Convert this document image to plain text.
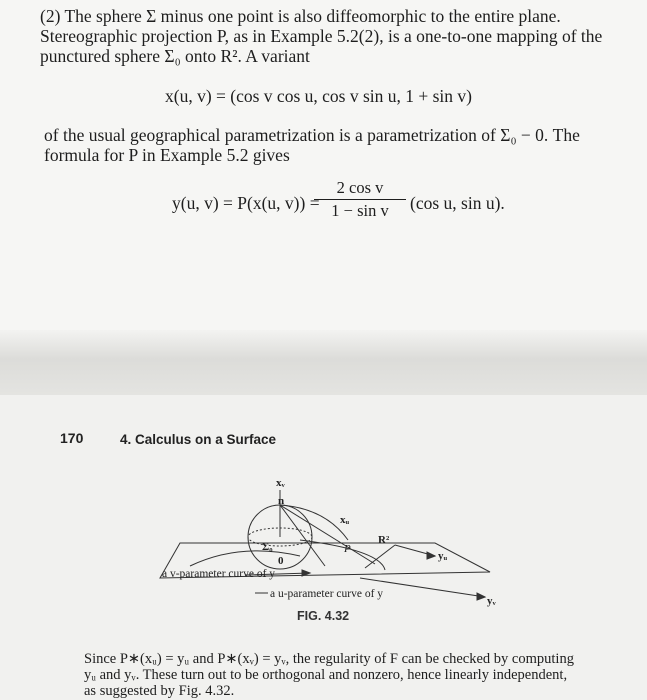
(2) The sphere Σ minus one point is also diffeomorphic to the entire plane. Stereographic projection P, as in Example 5.2(2), is a one-to-one mapping of the punctured sphere Σ₀ onto R². A variant
x(u, v) = (cos v cos u, cos v sin u, 1 + sin v)
of the usual geographical parametrization is a parametrization of Σ₀ − 0. The formula for P in Example 5.2 gives
y(u, v) = P(x(u, v)) =
$\frac{\text{2 cos v}}{\text{1 − sin v}} (\cos$ u, sin u).
170	4. Calculus on a Surface
xᵥ
n
xᵤ
R²
Σ₀
0
P
yᵤ
yᵥ
a v-parameter curve of y
a u-parameter curve of y
FIG. 4.32
Since P∗(xᵤ) = yᵤ and P∗(xᵥ) = yᵥ, the regularity of F can be checked by computing yᵤ and yᵥ. These turn out to be orthogonal and nonzero, hence linearly independent, as suggested by Fig. 4.32.
